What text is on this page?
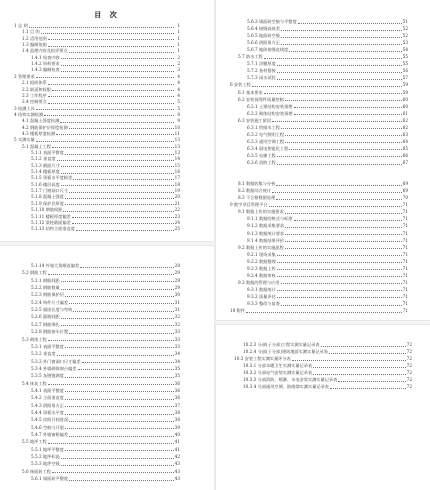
目 次
1 总 则	1
1.1 目 的	1
1.2 适用范围	1
1.3 编制依据	1
1.4 监理内容及检评要点	1
1.4.1 检查内容	2
1.4.2 资料要求	2
1.4.3 编制检查	3
2 管理要求	4
2.1 组织体系	4
2.2 职责和权限	4
2.3 工作程序	4
2.4 控制要点	5
3 检测工具	5
4 结构实测检测	8
4.1 混凝土强度检测	9
4.2 钢筋保护层厚度检测	10
4.3 楼板厚度检测	11
5 实测实量	13
5.1 混凝土工程	13
5.1.1 表面平整度	13
5.1.2 垂直度	14
5.1.3 截面尺寸	15
5.1.4 楼板厚度	16
5.1.5 顶板水平度极差	17
5.1.6 楼层高度	18
5.1.7 门窗洞口尺寸	19
5.1.8 混凝土强度	20
5.1.9 保护层厚度	21
5.1.10 钢筋间距	22
5.1.11 楼板厚度偏差	23
5.1.12 梁柱截面偏差	24
5.1.13 结构立面垂直度	25
5.6.3 墙面砖空鼓与平整度	51
5.6.4 接缝高低差	52
5.6.5 地面砖空鼓	52
5.6.6 阴阳角方正	53
5.6.7 地砖接缝直线度	54
5.7 防水工程	55
5.7.1 涂膜厚度	55
5.7.2 卷材搭接	56
5.7.3 闭水试验	57
6 安装工程	59
6.1 基本要求	59
6.2 安装预埋件质量控制	60
6.2.1 土建结构安装预埋	60
6.2.2 砌体结构安装预埋	61
6.3 安装施工阶段	62
6.3.1 给排水工程	62
6.3.2 电气照明工程	63
6.3.3 通风空调工程	64
6.3.4 弱电智能化工程	65
6.3.5 电梯工程	66
6.3.6 消防工程	67
8.1 数据收集与分析	69
8.2 数据综合统计	69
8.3 不合格数据处理	70
9 数字项目管理平台	71
9.1 数据上传的实施要求	71
9.1.1 数据的格式与标准	71
9.1.2 数据采集要求	71
9.1.3 数据统计要求	71
9.1.4 数据结果评价	71
9.2 数据上传的实施流程	71
9.2.1 现场采集	71
9.2.2 数据整理	71
9.2.3 数据上传	71
9.2.4 数据审核	71
9.3 数据的管理与应用	71
9.3.1 数据统计	71
9.3.2 质量评估	71
9.3.3 整改与复查	71
10 附件	71
5.1.14 外墙大角顺直偏差	28
5.2 钢筋工程	29
5.2.1 钢筋间距	29
5.2.2 钢筋数量	29
5.2.3 钢筋保护层	30
5.2.4 构件尺寸偏差	31
5.2.5 锚固长度与弯钩	31
5.2.6 箍筋间距	32
5.2.7 钢筋绑扎	32
5.2.8 钢筋接头位置	33
5.3 砌体工程	33
5.3.1 表面平整度	33
5.3.2 垂直度	34
5.3.3 外门窗洞口尺寸偏差	34
5.3.4 外墙砌体窗台偏差	35
5.3.5 灰缝饱满度	35
5.4 抹灰工程	36
5.4.1 表面平整度	36
5.4.2 立面垂直度	36
5.4.3 阴阳角方正	37
5.4.4 顶板水平度	38
5.4.5 房间开间进深	38
5.4.6 空鼓与开裂	39
5.4.7 外墙窗框偏差	40
5.5 地坪工程	41
5.5.1 地坪平整度	41
5.5.2 地坪标高	42
5.5.3 地坪空鼓	43
5.6 饰面砖工程	43
5.6.1 墙面砖平整度	43
10.2.3 分部(子分部)工程实测实量记录表	72
10.2.4 分部(子分部)建筑地面实测实量记录表	72
10.3 安装工程实测实量评分表	72
10.3.1 分部水暖卫生实测实量记录表	72
10.3.2 分部电气安装实测实量记录表	72
10.3.3 分部消防、喷淋、水电安装实测实量记录表	72
10.3.4 分部通风空调、防排烟实测实量记录表	72
